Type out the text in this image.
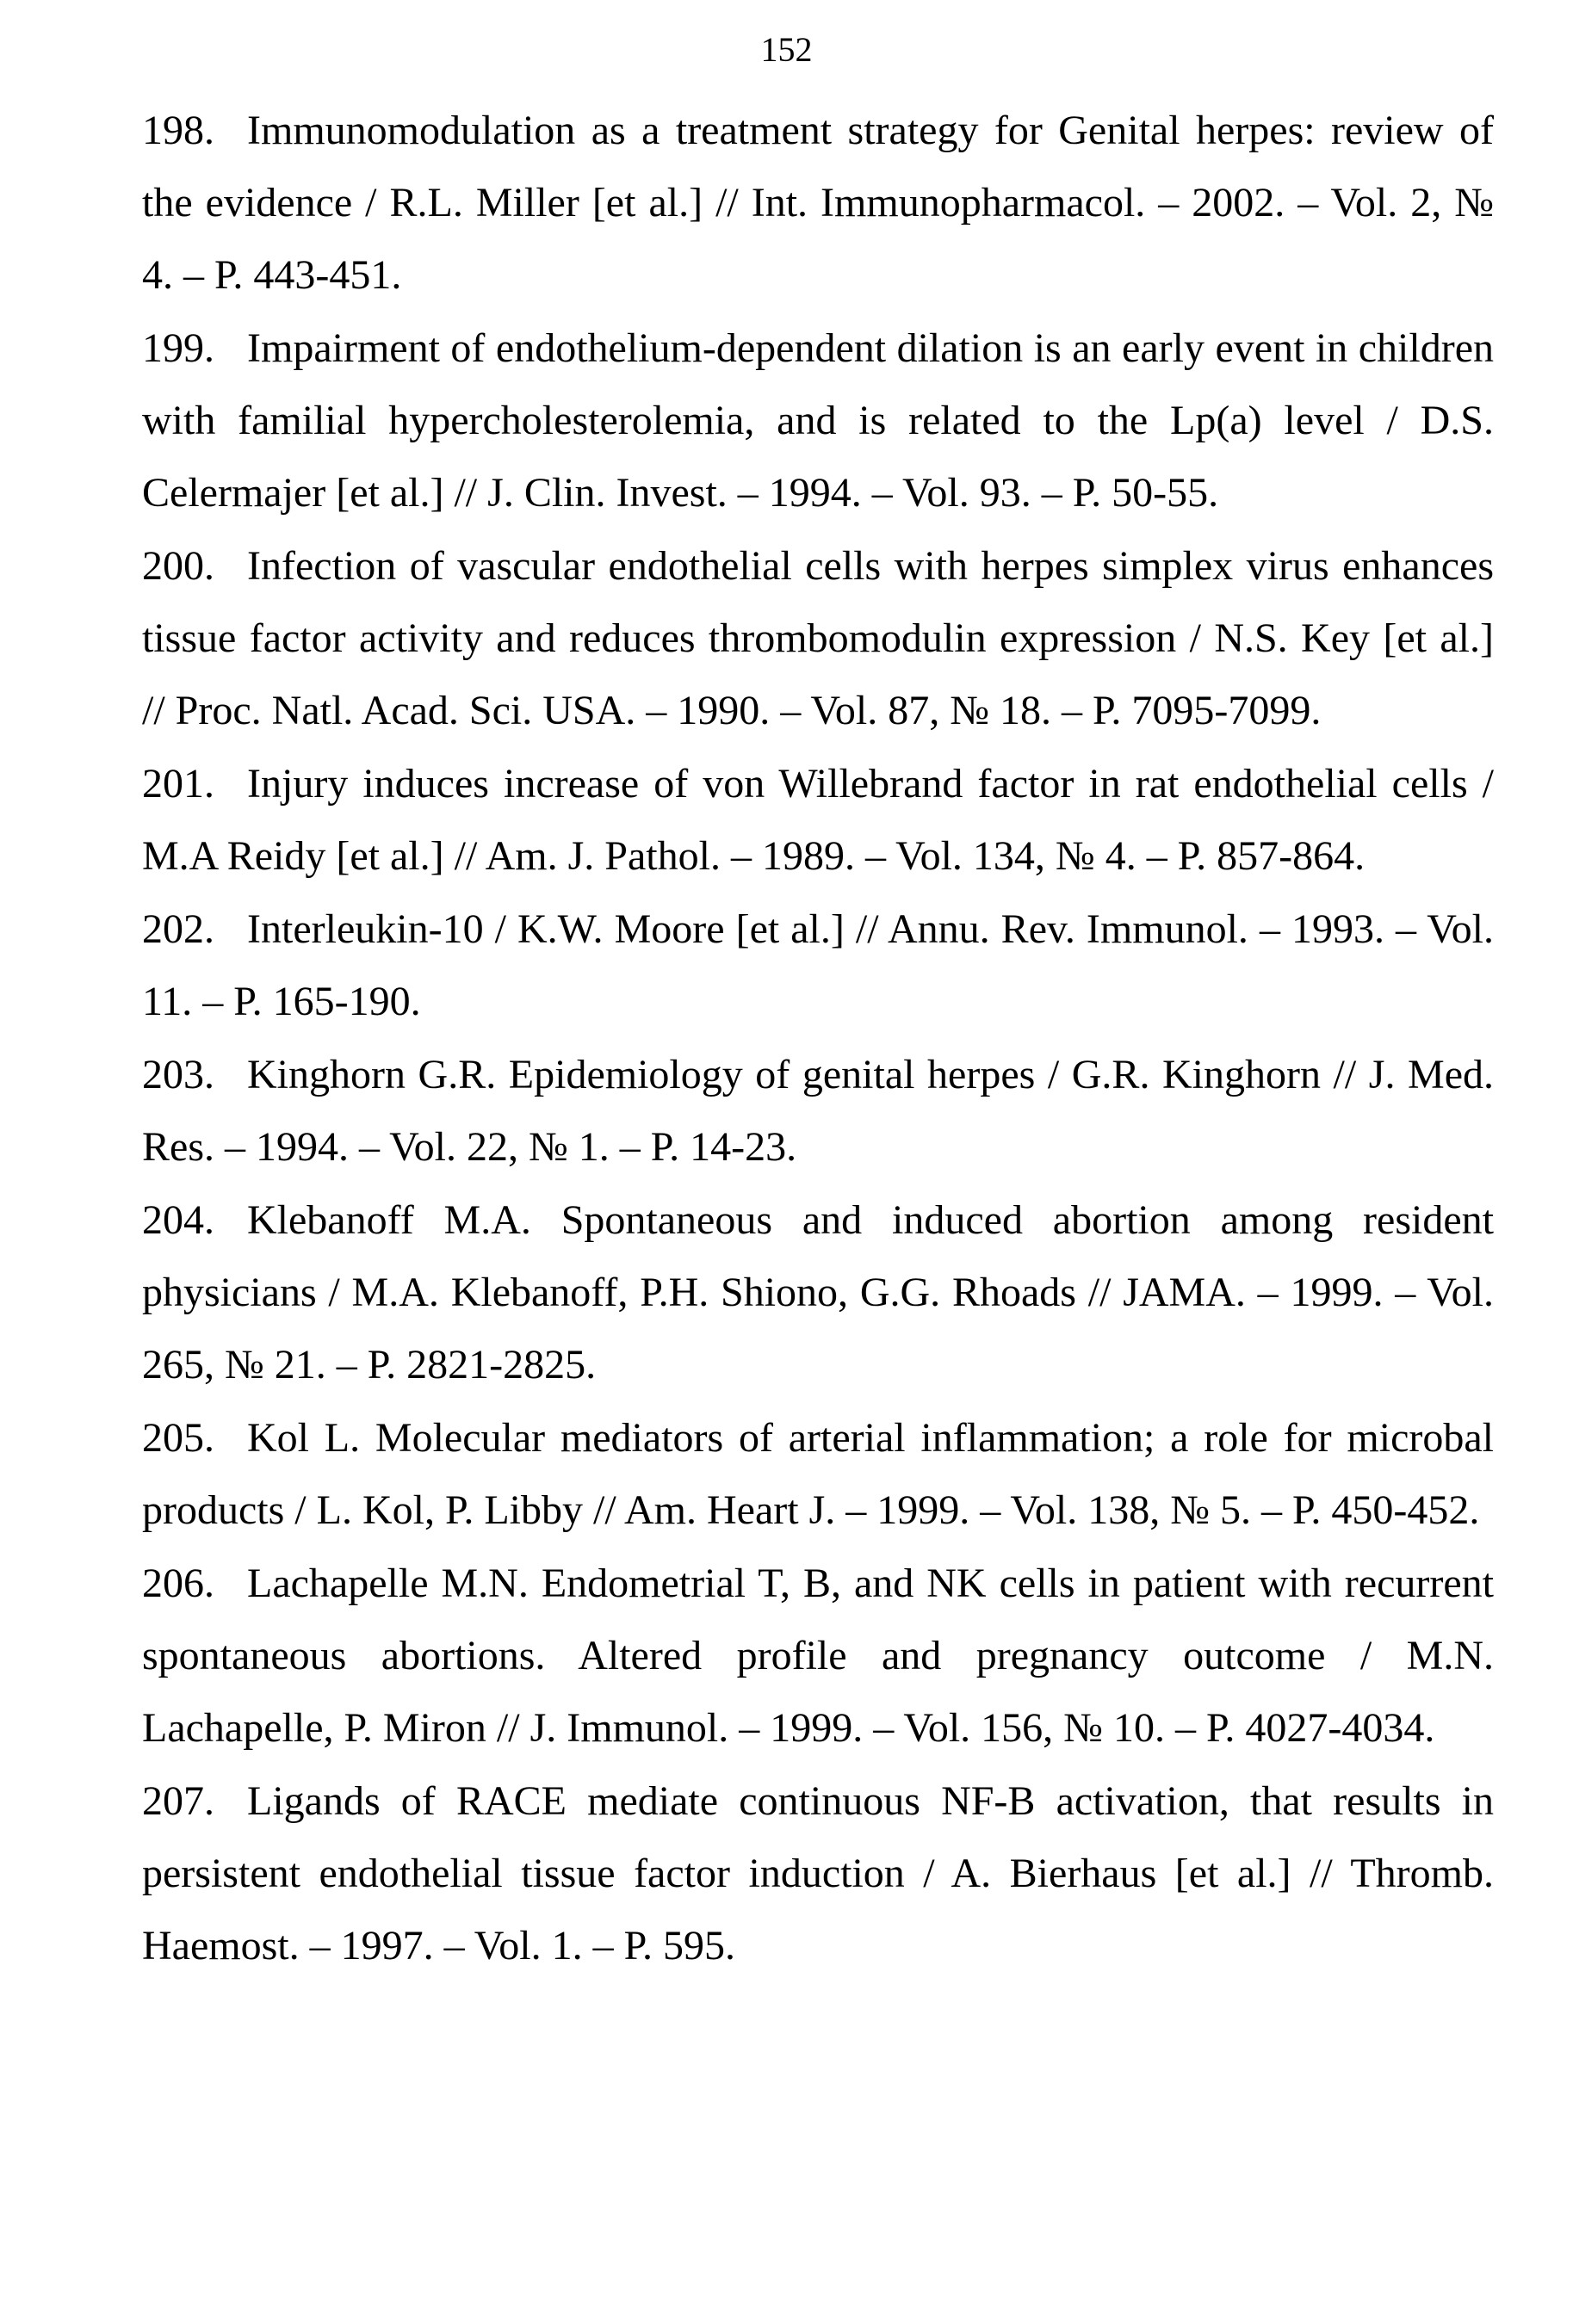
152

198. Immunomodulation as a treatment strategy for Genital herpes: review of the evidence / R.L. Miller [et al.] // Int. Immunopharmacol. – 2002. – Vol. 2, № 4. – P. 443-451.

199. Impairment of endothelium-dependent dilation is an early event in children with familial hypercholesterolemia, and is related to the Lp(a) level / D.S. Celermajer [et al.] // J. Clin. Invest. – 1994. – Vol. 93. – P. 50-55.

200. Infection of vascular endothelial cells with herpes simplex virus enhances tissue factor activity and reduces thrombomodulin expression / N.S. Key [et al.] // Proc. Natl. Acad. Sci. USA. – 1990. – Vol. 87, № 18. – P. 7095-7099.

201. Injury induces increase of von Willebrand factor in rat endothelial cells / M.A Reidy [et al.] // Am. J. Pathol. – 1989. – Vol. 134, № 4. – P. 857-864.

202. Interleukin-10 / K.W. Moore [et al.] // Annu. Rev. Immunol. – 1993. – Vol. 11. – P. 165-190.

203. Kinghorn G.R. Epidemiology of genital herpes / G.R. Kinghorn // J. Med. Res. – 1994. – Vol. 22, № 1. – P. 14-23.

204. Klebanoff M.A. Spontaneous and induced abortion among resident physicians / M.A. Klebanoff, P.H. Shiono, G.G. Rhoads // JAMA. – 1999. – Vol. 265, № 21. – P. 2821-2825.

205. Kol L. Molecular mediators of arterial inflammation; a role for microbal products / L. Kol, P. Libby // Am. Heart J. – 1999. – Vol. 138, № 5. – P. 450-452.

206. Lachapelle M.N. Endometrial T, B, and NK cells in patient with recurrent spontaneous abortions. Altered profile and pregnancy outcome / M.N. Lachapelle, P. Miron // J. Immunol. – 1999. – Vol. 156, № 10. – P. 4027-4034.

207. Ligands of RACE mediate continuous NF-B activation, that results in persistent endothelial tissue factor induction / A. Bierhaus [et al.] // Thromb. Haemost. – 1997. – Vol. 1. – P. 595.
